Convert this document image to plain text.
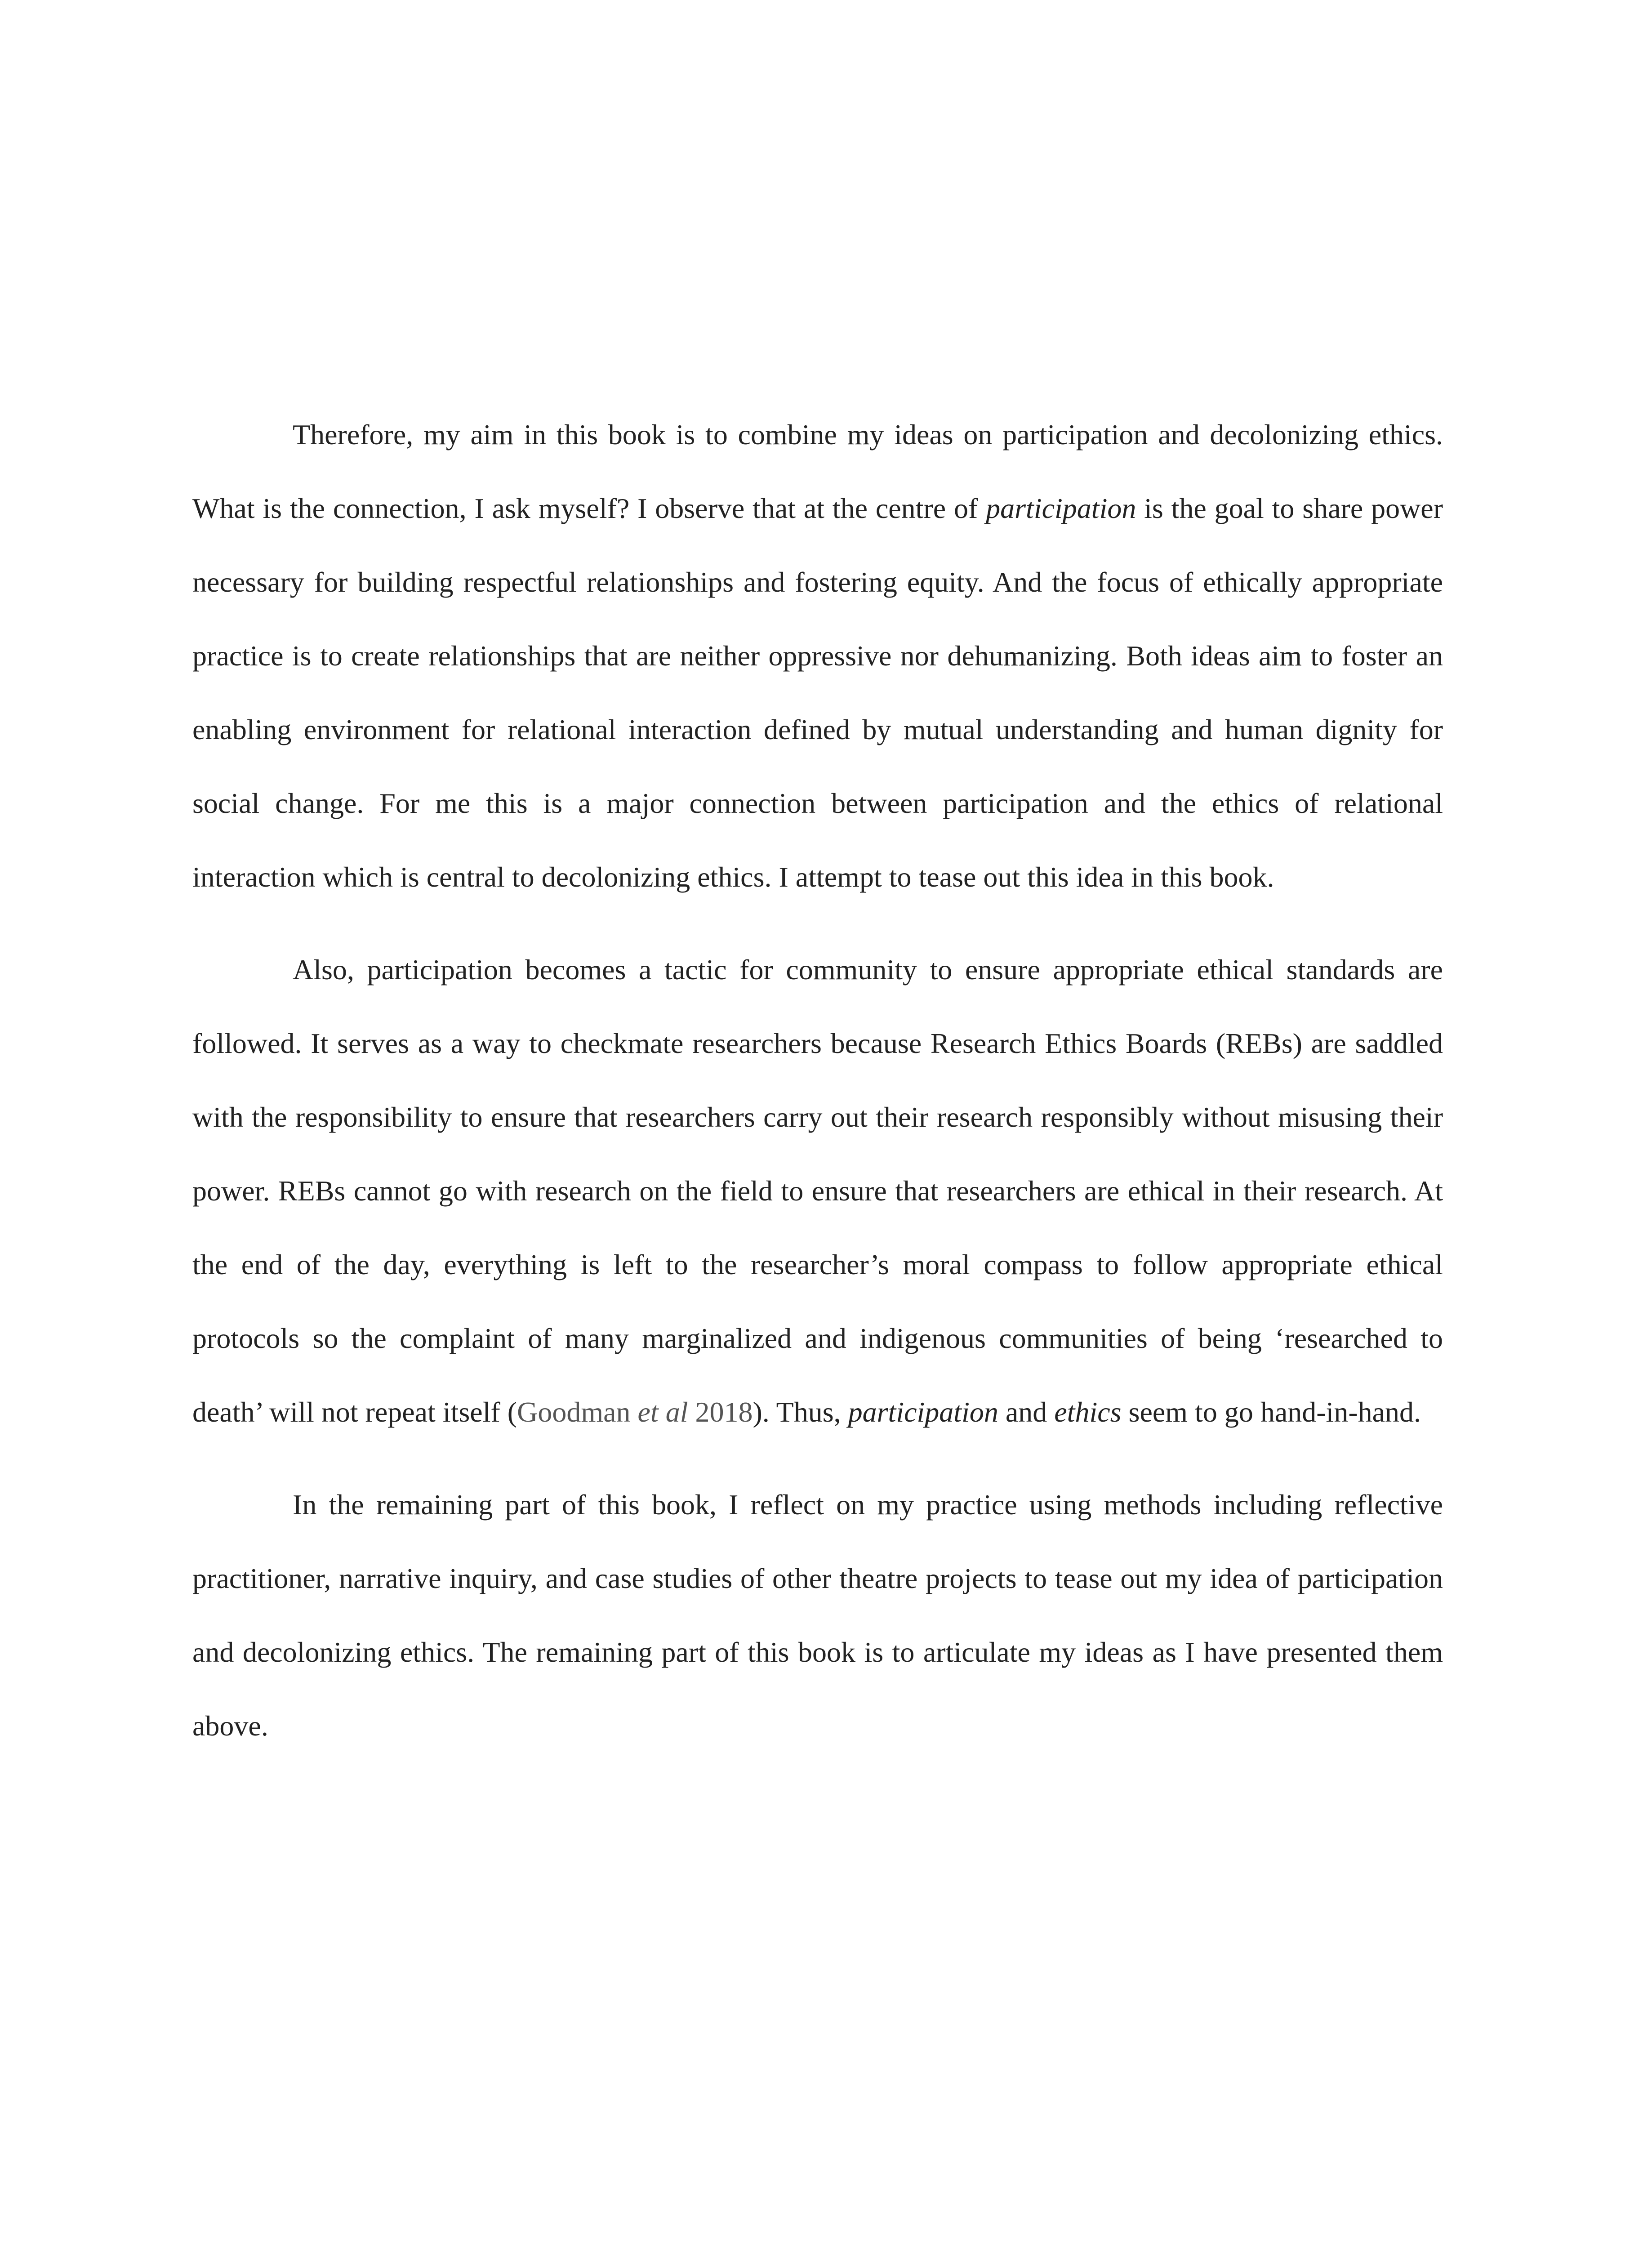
Therefore, my aim in this book is to combine my ideas on participation and decolonizing ethics. What is the connection, I ask myself? I observe that at the centre of participation is the goal to share power necessary for building respectful relationships and fostering equity. And the focus of ethically appropriate practice is to create relationships that are neither oppressive nor dehumanizing. Both ideas aim to foster an enabling environment for relational interaction defined by mutual understanding and human dignity for social change. For me this is a major connection between participation and the ethics of relational interaction which is central to decolonizing ethics. I attempt to tease out this idea in this book.

Also, participation becomes a tactic for community to ensure appropriate ethical standards are followed. It serves as a way to checkmate researchers because Research Ethics Boards (REBs) are saddled with the responsibility to ensure that researchers carry out their research responsibly without misusing their power. REBs cannot go with research on the field to ensure that researchers are ethical in their research. At the end of the day, everything is left to the researcher’s moral compass to follow appropriate ethical protocols so the complaint of many marginalized and indigenous communities of being ‘researched to death’ will not repeat itself (Goodman et al 2018). Thus, participation and ethics seem to go hand-in-hand.

In the remaining part of this book, I reflect on my practice using methods including reflective practitioner, narrative inquiry, and case studies of other theatre projects to tease out my idea of participation and decolonizing ethics. The remaining part of this book is to articulate my ideas as I have presented them above.
